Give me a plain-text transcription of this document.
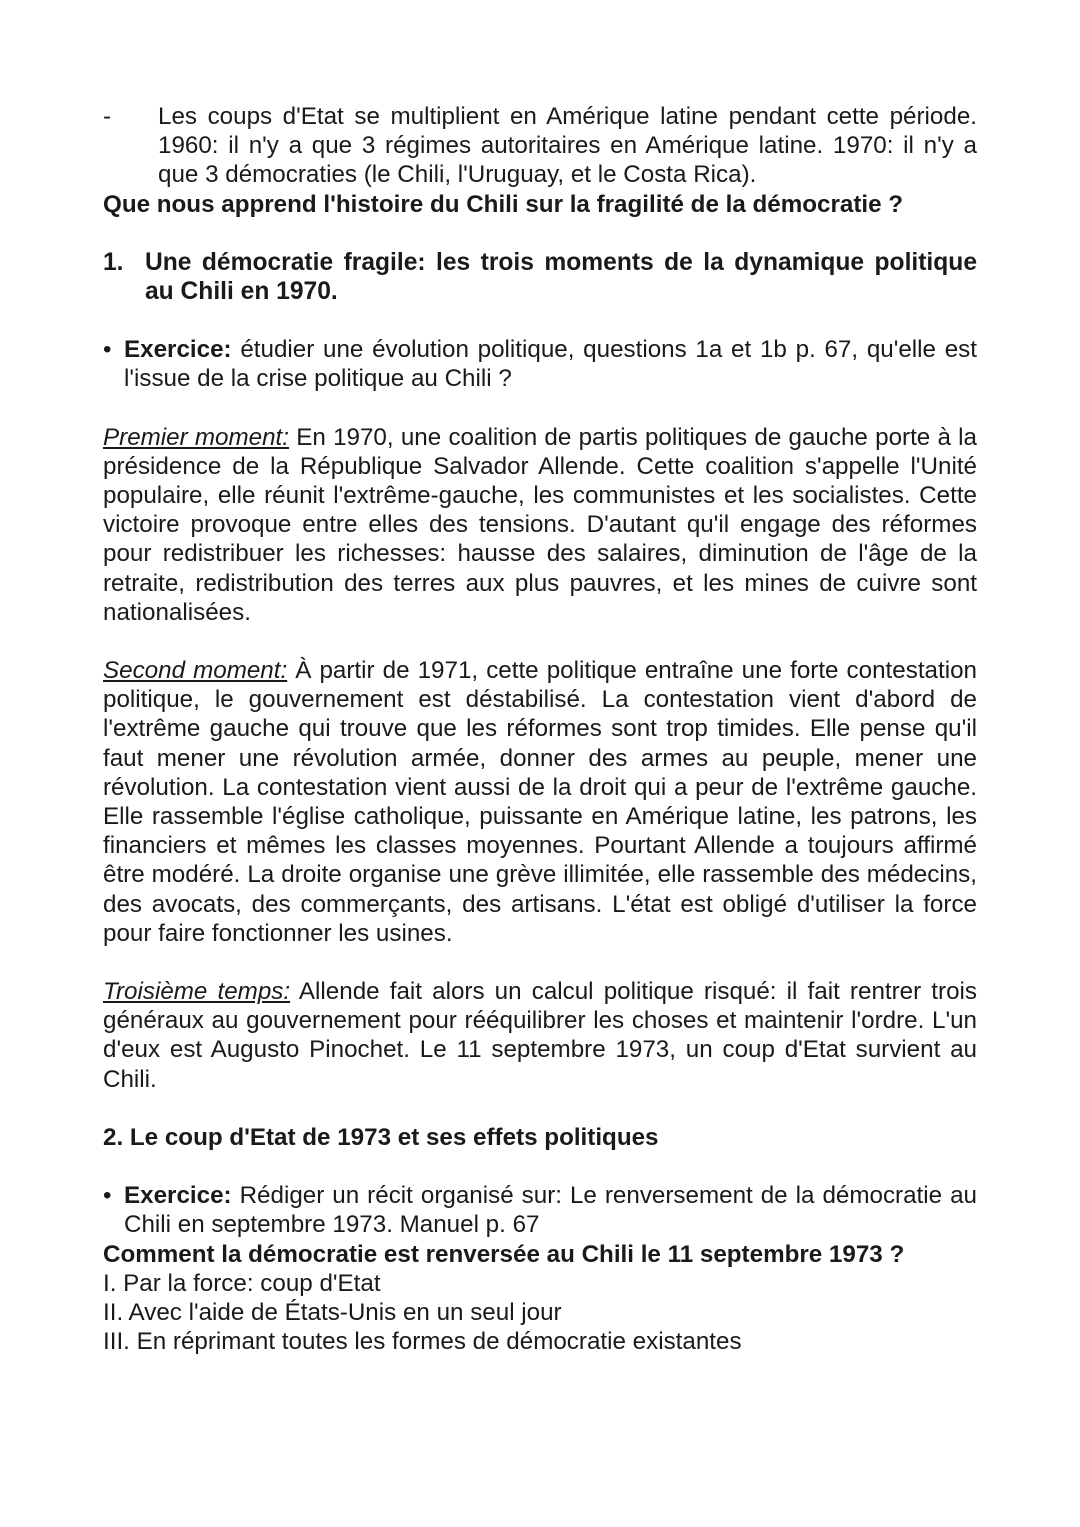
- Les coups d'Etat se multiplient en Amérique latine pendant cette période. 1960: il n'y a que 3 régimes autoritaires en Amérique latine. 1970: il n'y a que 3 démocraties (le Chili, l'Uruguay, et le Costa Rica).
Que nous apprend l'histoire du Chili sur la fragilité de la démocratie ?
1. Une démocratie fragile: les trois moments de la dynamique politique au Chili en 1970.
• Exercice: étudier une évolution politique, questions 1a et 1b p. 67, qu'elle est l'issue de la crise politique au Chili ?
Premier moment: En 1970, une coalition de partis politiques de gauche porte à la présidence de la République Salvador Allende. Cette coalition s'appelle l'Unité populaire, elle réunit l'extrême-gauche, les communistes et les socialistes. Cette victoire provoque entre elles des tensions. D'autant qu'il engage des réformes pour redistribuer les richesses: hausse des salaires, diminution de l'âge de la retraite, redistribution des terres aux plus pauvres, et les mines de cuivre sont nationalisées.
Second moment: À partir de 1971, cette politique entraîne une forte contestation politique, le gouvernement est déstabilisé. La contestation vient d'abord de l'extrême gauche qui trouve que les réformes sont trop timides. Elle pense qu'il faut mener une révolution armée, donner des armes au peuple, mener une révolution. La contestation vient aussi de la droit qui a peur de l'extrême gauche. Elle rassemble l'église catholique, puissante en Amérique latine, les patrons, les financiers et mêmes les classes moyennes. Pourtant Allende a toujours affirmé être modéré. La droite organise une grève illimitée, elle rassemble des médecins, des avocats, des commerçants, des artisans. L'état est obligé d'utiliser la force pour faire fonctionner les usines.
Troisième temps: Allende fait alors un calcul politique risqué: il fait rentrer trois généraux au gouvernement pour rééquilibrer les choses et maintenir l'ordre. L'un d'eux est Augusto Pinochet. Le 11 septembre 1973, un coup d'Etat survient au Chili.
2. Le coup d'Etat de 1973 et ses effets politiques
• Exercice: Rédiger un récit organisé sur: Le renversement de la démocratie au Chili en septembre 1973. Manuel p. 67
Comment la démocratie est renversée au Chili le 11 septembre 1973 ?
I. Par la force: coup d'Etat
II. Avec l'aide de États-Unis en un seul jour
III. En réprimant toutes les formes de démocratie existantes
